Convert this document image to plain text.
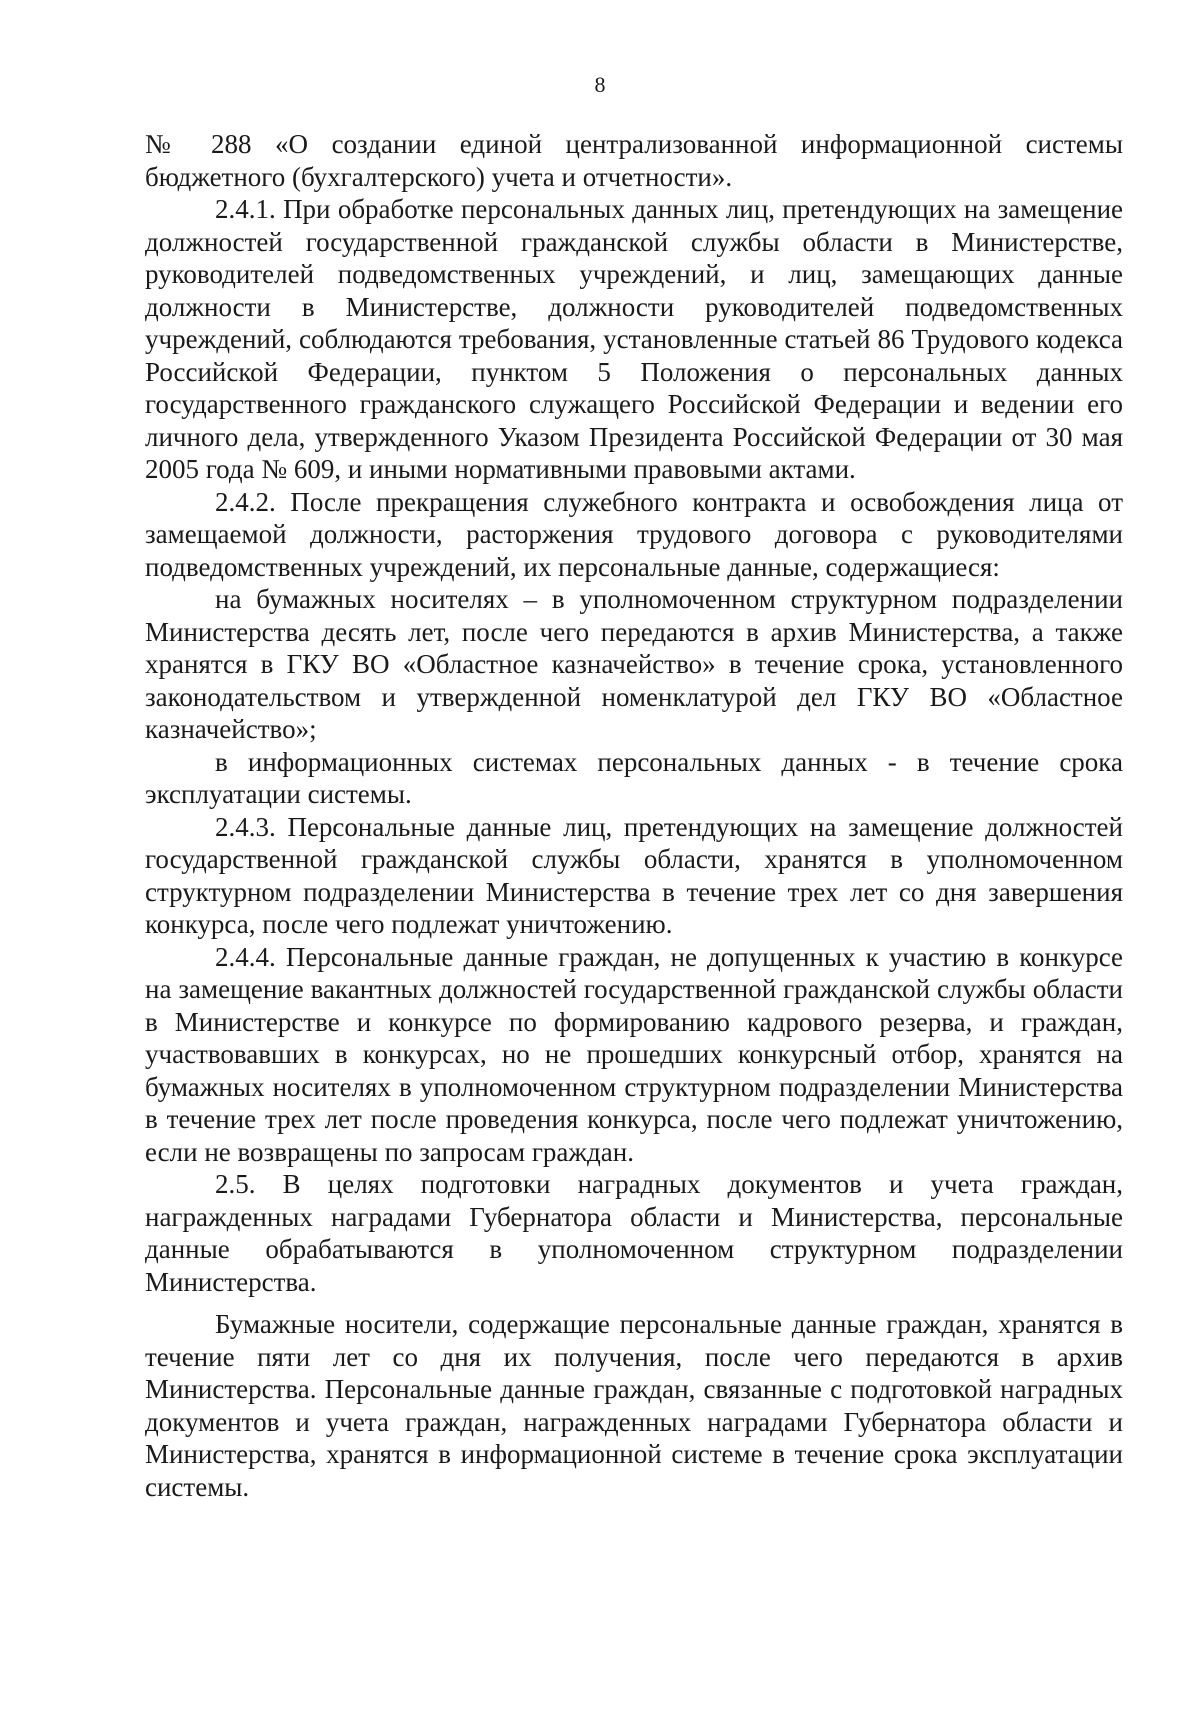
8

№ 288 «О создании единой централизованной информационной системы бюджетного (бухгалтерского) учета и отчетности».

2.4.1. При обработке персональных данных лиц, претендующих на замещение должностей государственной гражданской службы области в Министерстве, руководителей подведомственных учреждений, и лиц, замещающих данные должности в Министерстве, должности руководителей подведомственных учреждений, соблюдаются требования, установленные статьей 86 Трудового кодекса Российской Федерации, пунктом 5 Положения о персональных данных государственного гражданского служащего Российской Федерации и ведении его личного дела, утвержденного Указом Президента Российской Федерации от 30 мая 2005 года № 609, и иными нормативными правовыми актами.

2.4.2. После прекращения служебного контракта и освобождения лица от замещаемой должности, расторжения трудового договора с руководителями подведомственных учреждений, их персональные данные, содержащиеся:

на бумажных носителях – в уполномоченном структурном подразделении Министерства десять лет, после чего передаются в архив Министерства, а также хранятся в ГКУ ВО «Областное казначейство» в течение срока, установленного законодательством и утвержденной номенклатурой дел ГКУ ВО «Областное казначейство»;

в информационных системах персональных данных - в течение срока эксплуатации системы.

2.4.3. Персональные данные лиц, претендующих на замещение должностей государственной гражданской службы области, хранятся в уполномоченном структурном подразделении Министерства в течение трех лет со дня завершения конкурса, после чего подлежат уничтожению.

2.4.4. Персональные данные граждан, не допущенных к участию в конкурсе на замещение вакантных должностей государственной гражданской службы области в Министерстве и конкурсе по формированию кадрового резерва, и граждан, участвовавших в конкурсах, но не прошедших конкурсный отбор, хранятся на бумажных носителях в уполномоченном структурном подразделении Министерства в течение трех лет после проведения конкурса, после чего подлежат уничтожению, если не возвращены по запросам граждан.

2.5. В целях подготовки наградных документов и учета граждан, награжденных наградами Губернатора области и Министерства, персональные данные обрабатываются в уполномоченном структурном подразделении Министерства.

Бумажные носители, содержащие персональные данные граждан, хранятся в течение пяти лет со дня их получения, после чего передаются в архив Министерства. Персональные данные граждан, связанные с подготовкой наградных документов и учета граждан, награжденных наградами Губернатора области и Министерства, хранятся в информационной системе в течение срока эксплуатации системы.
